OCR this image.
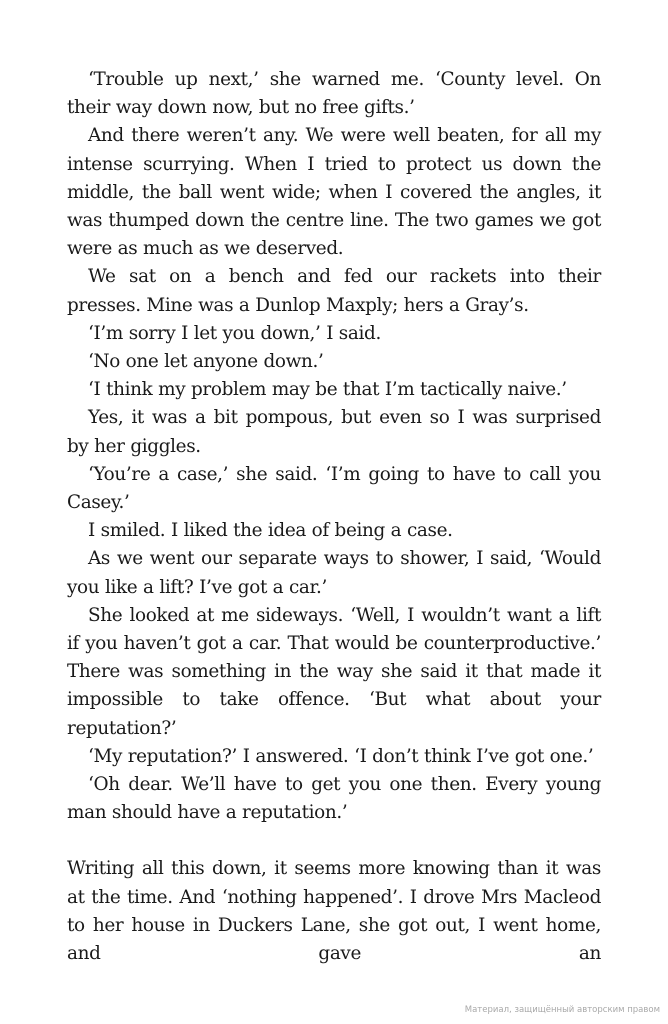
‘Trouble up next,’ she warned me. ‘County level. On their way down now, but no free gifts.’

And there weren’t any. We were well beaten, for all my intense scurrying. When I tried to protect us down the middle, the ball went wide; when I covered the angles, it was thumped down the centre line. The two games we got were as much as we deserved.

We sat on a bench and fed our rackets into their presses. Mine was a Dunlop Maxply; hers a Gray’s.

‘I’m sorry I let you down,’ I said.

‘No one let anyone down.’

‘I think my problem may be that I’m tactically naive.’

Yes, it was a bit pompous, but even so I was surprised by her giggles.

‘You’re a case,’ she said. ‘I’m going to have to call you Casey.’

I smiled. I liked the idea of being a case.

As we went our separate ways to shower, I said, ‘Would you like a lift? I’ve got a car.’

She looked at me sideways. ‘Well, I wouldn’t want a lift if you haven’t got a car. That would be counterproductive.’ There was something in the way she said it that made it impossible to take offence. ‘But what about your reputation?’

‘My reputation?’ I answered. ‘I don’t think I’ve got one.’

‘Oh dear. We’ll have to get you one then. Every young man should have a reputation.’

Writing all this down, it seems more knowing than it was at the time. And ‘nothing happened’. I drove Mrs Macleod to her house in Duckers Lane, she got out, I went home, and gave an

Материал, защищённый авторским правом
